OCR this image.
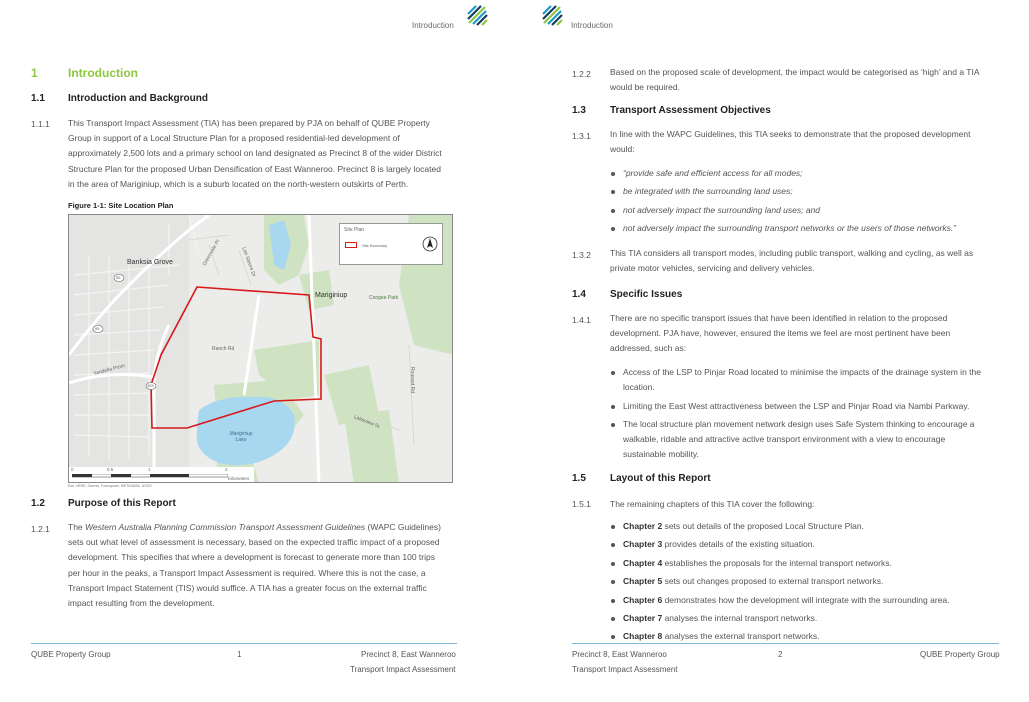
Introduction
1	Introduction
1.1 Introduction and Background
1.1.1 This Transport Impact Assessment (TIA) has been prepared by PJA on behalf of QUBE Property
Group in support of a Local Structure Plan for a proposed residential-led development of
approximately 2,500 lots and a primary school on land designated as Precinct 8 of the wider District
Structure Plan for the proposed Urban Densification of East Wanneroo. Precinct 8 is largely located
in the area of Mariginiup, which is a suburb located on the north-western outskirts of Perth.
Figure 1-1: Site Location Plan
Banksia Grove
Mariginiup	Coogee Park
Ranch Rd
Mariginiup
Lake
Yandella Prom
Lakeview St
Rousset Rd
Lee Steere Dr
Greenvale Pl
85
85
355
Site Plan
Site Boundary
0	0.5	1	2
Kilometers
Esri, HERE, Garmin, Foursquare, METI/NASA, USGS
1.2 Purpose of this Report
1.2.1 The Western Australia Planning Commission Transport Assessment Guidelines (WAPC Guidelines)
sets out what level of assessment is necessary, based on the expected traffic impact of a proposed
development. This specifies that where a development is forecast to generate more than 100 trips
per hour in the peaks, a Transport Impact Assessment is required. Where this is not the case, a
Transport Impact Statement (TIS) would suffice. A TIA has a greater focus on the external traffic
impact resulting from the development.
QUBE Property Group	1	Precinct 8, East Wanneroo
Transport Impact Assessment
Introduction
1.2.2 Based on the proposed scale of development, the impact would be categorised as ‘high’ and a TIA
would be required.
1.3 Transport Assessment Objectives
1.3.1 In line with the WAPC Guidelines, this TIA seeks to demonstrate that the proposed development
would:
“provide safe and efficient access for all modes;
be integrated with the surrounding land uses;
not adversely impact the surrounding land uses; and
not adversely impact the surrounding transport networks or the users of those networks.”
1.3.2 This TIA considers all transport modes, including public transport, walking and cycling, as well as
private motor vehicles, servicing and delivery vehicles.
1.4 Specific Issues
1.4.1 There are no specific transport issues that have been identified in relation to the proposed
development. PJA have, however, ensured the items we feel are most pertinent have been
addressed, such as:
Access of the LSP to Pinjar Road located to minimise the impacts of the drainage system in the
location.
Limiting the East West attractiveness between the LSP and Pinjar Road via Nambi Parkway.
The local structure plan movement network design uses Safe System thinking to encourage a
walkable, ridable and attractive active transport environment with a view to encourage
sustainable mobility.
1.5 Layout of this Report
1.5.1 The remaining chapters of this TIA cover the following:
Chapter 2 sets out details of the proposed Local Structure Plan.
Chapter 3 provides details of the existing situation.
Chapter 4 establishes the proposals for the internal transport networks.
Chapter 5 sets out changes proposed to external transport networks.
Chapter 6 demonstrates how the development will integrate with the surrounding area.
Chapter 7 analyses the internal transport networks.
Chapter 8 analyses the external transport networks.
Precinct 8, East Wanneroo
Transport Impact Assessment
2	QUBE Property Group
